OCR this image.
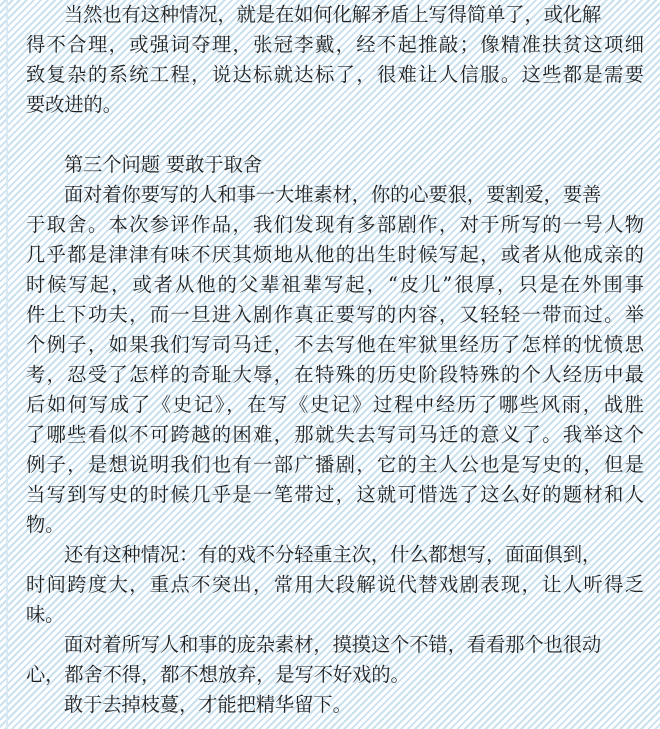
当然也有这种情况，就是在如何化解矛盾上写得简单了，或化解
得不合理，或强词夺理，张冠李戴，经不起推敲；像精准扶贫这项细
致复杂的系统工程，说达标就达标了，很难让人信服。这些都是需要
要改进的。
第三个问题 要敢于取舍
面对着你要写的人和事一大堆素材，你的心要狠，要割爱，要善
于取舍。本次参评作品，我们发现有多部剧作，对于所写的一号人物
几乎都是津津有味不厌其烦地从他的出生时候写起，或者从他成亲的
时候写起，或者从他的父辈祖辈写起，“皮儿”很厚，只是在外围事
件上下功夫，而一旦进入剧作真正要写的内容，又轻轻一带而过。举
个例子，如果我们写司马迁，不去写他在牢狱里经历了怎样的忧愤思
考，忍受了怎样的奇耻大辱，在特殊的历史阶段特殊的个人经历中最
后如何写成了《史记》，在写《史记》过程中经历了哪些风雨，战胜
了哪些看似不可跨越的困难，那就失去写司马迁的意义了。我举这个
例子，是想说明我们也有一部广播剧，它的主人公也是写史的，但是
当写到写史的时候几乎是一笔带过，这就可惜选了这么好的题材和人
物。
还有这种情况：有的戏不分轻重主次，什么都想写，面面俱到，
时间跨度大，重点不突出，常用大段解说代替戏剧表现，让人听得乏
味。
面对着所写人和事的庞杂素材，摸摸这个不错，看看那个也很动
心，都舍不得，都不想放弃，是写不好戏的。
敢于去掉枝蔓，才能把精华留下。
